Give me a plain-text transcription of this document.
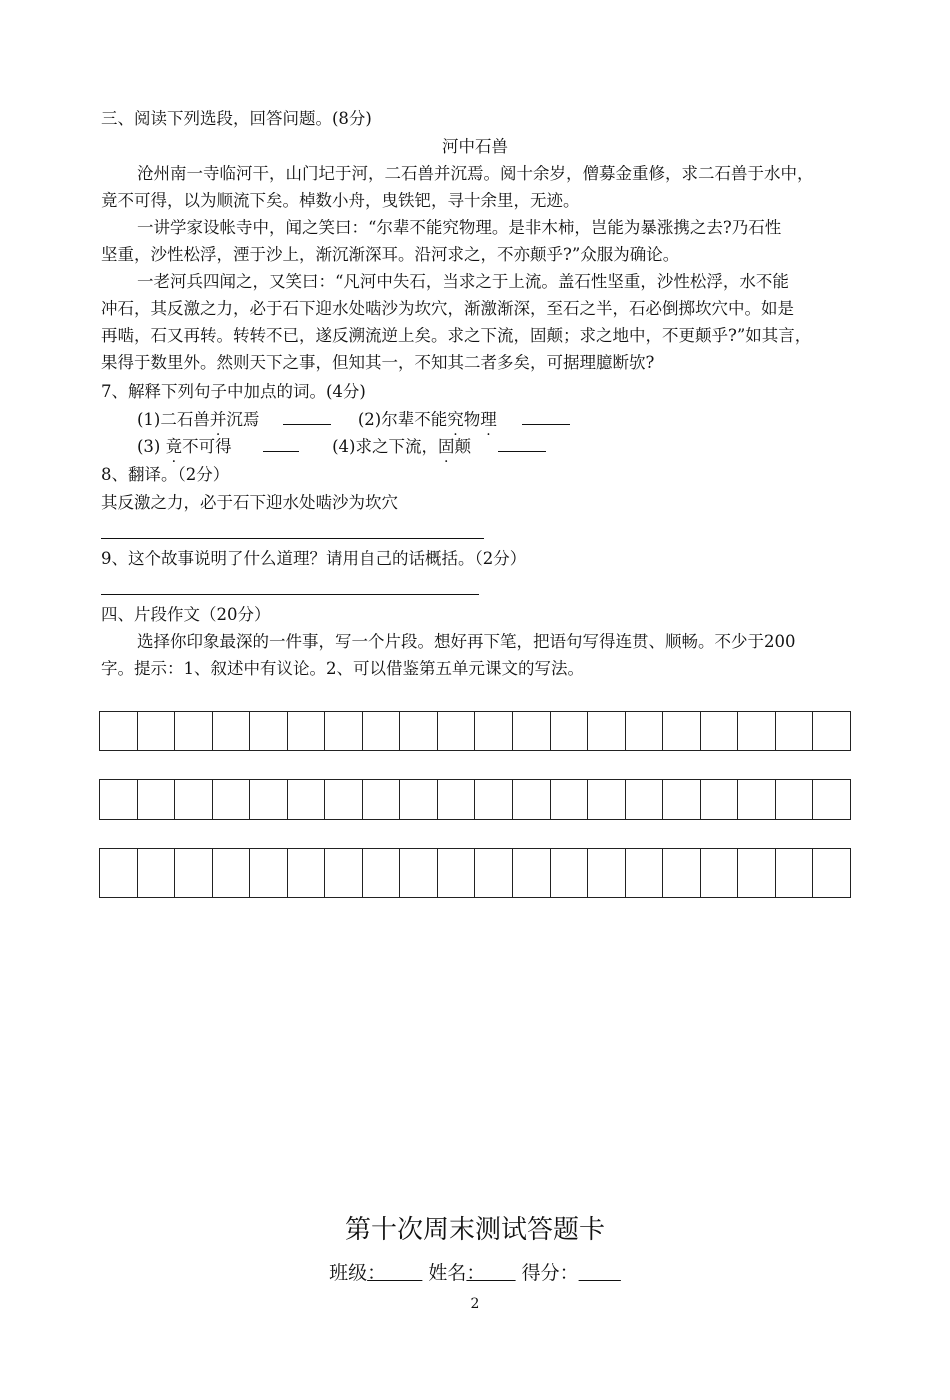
三、阅读下列选段，回答问题。(8分)
河中石兽
沧州南一寺临河干，山门圮于河，二石兽并沉焉。阅十余岁，僧募金重修，求二石兽于水中，
竟不可得，以为顺流下矣。棹数小舟，曳铁钯，寻十余里，无迹。
一讲学家设帐寺中，闻之笑曰：“尔辈不能究物理。是非木柿，岂能为暴涨携之去?乃石性
坚重，沙性松浮，湮于沙上，渐沉渐深耳。沿河求之，不亦颠乎?”众服为确论。
一老河兵四闻之，又笑曰：“凡河中失石，当求之于上流。盖石性坚重，沙性松浮，水不能
冲石，其反激之力，必于石下迎水处啮沙为坎穴，渐激渐深，至石之半，石必倒掷坎穴中。如是
再啮，石又再转。转转不已，遂反溯流逆上矣。求之下流，固颠；求之地中，不更颠乎?”如其言，
果得于数里外。然则天下之事，但知其一，不知其二者多矣，可据理臆断欤?
7、解释下列句子中加点的词。(4分)
(1)二石兽并沉焉	(2)尔辈不能究物理
(3) 竟不可得	(4)求之下流，固颠
8、翻译。（2分）
其反激之力，必于石下迎水处啮沙为坎穴
9、这个故事说明了什么道理？请用自己的话概括。（2分）
四、片段作文（20分）
选择你印象最深的一件事，写一个片段。想好再下笔，把语句写得连贯、顺畅。不少于200
字。提示：1、叙述中有议论。2、可以借鉴第五单元课文的写法。
第十次周末测试答题卡
班级：      姓名：     得分：
2
